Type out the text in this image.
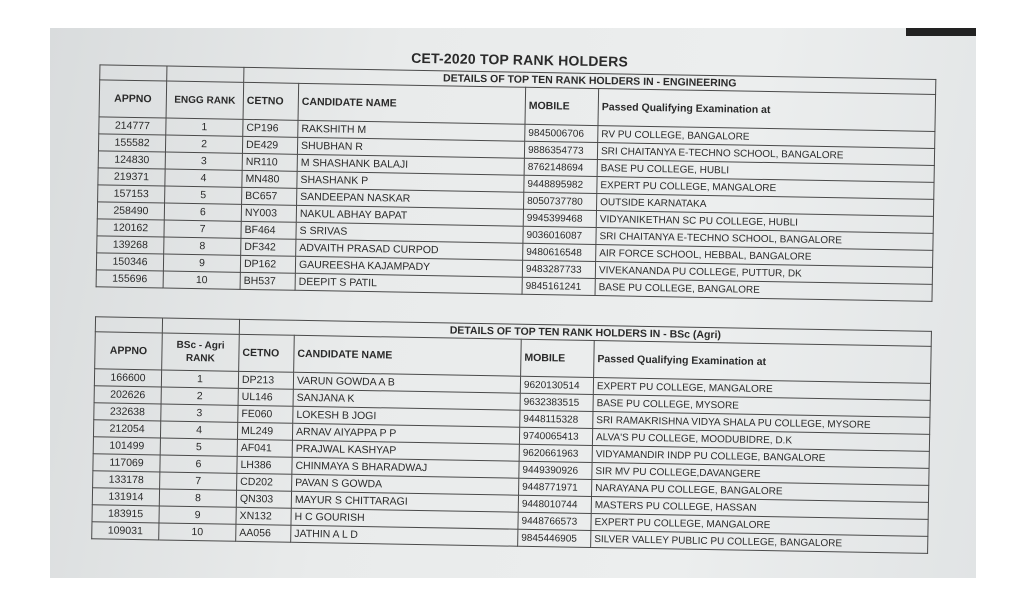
CET-2020 TOP RANK HOLDERS
		DETAILS OF TOP TEN RANK HOLDERS IN - ENGINEERING			
APPNO	ENGG RANK	CETNO	CANDIDATE NAME	MOBILE	Passed Qualifying Examination at
214777	1	CP196	RAKSHITH M	9845006706	RV PU COLLEGE, BANGALORE
155582	2	DE429	SHUBHAN R	9886354773	SRI CHAITANYA E-TECHNO SCHOOL, BANGALORE
124830	3	NR110	M SHASHANK BALAJI	8762148694	BASE PU COLLEGE, HUBLI
219371	4	MN480	SHASHANK P	9448895982	EXPERT PU COLLEGE, MANGALORE
157153	5	BC657	SANDEEPAN NASKAR	8050737780	OUTSIDE KARNATAKA
258490	6	NY003	NAKUL ABHAY BAPAT	9945399468	VIDYANIKETHAN SC PU COLLEGE, HUBLI
120162	7	BF464	S SRIVAS	9036016087	SRI CHAITANYA E-TECHNO SCHOOL, BANGALORE
139268	8	DF342	ADVAITH PRASAD CURPOD	9480616548	AIR FORCE SCHOOL, HEBBAL, BANGALORE
150346	9	DP162	GAUREESHA KAJAMPADY	9483287733	VIVEKANANDA PU COLLEGE, PUTTUR, DK
155696	10	BH537	DEEPIT S PATIL	9845161241	BASE PU COLLEGE, BANGALORE
		DETAILS OF TOP TEN RANK HOLDERS IN - BSc (Agri)			
APPNO	BSc - Agri RANK	CETNO	CANDIDATE NAME	MOBILE	Passed Qualifying Examination at
166600	1	DP213	VARUN GOWDA A B	9620130514	EXPERT PU COLLEGE, MANGALORE
202626	2	UL146	SANJANA K	9632383515	BASE PU COLLEGE, MYSORE
232638	3	FE060	LOKESH B JOGI	9448115328	SRI RAMAKRISHNA VIDYA SHALA PU COLLEGE, MYSORE
212054	4	ML249	ARNAV AIYAPPA P P	9740065413	ALVA'S PU COLLEGE, MOODUBIDRE, D.K
101499	5	AF041	PRAJWAL KASHYAP	9620661963	VIDYAMANDIR INDP PU COLLEGE, BANGALORE
117069	6	LH386	CHINMAYA S BHARADWAJ	9449390926	SIR MV PU COLLEGE,DAVANGERE
133178	7	CD202	PAVAN S GOWDA	9448771971	NARAYANA PU COLLEGE, BANGALORE
131914	8	QN303	MAYUR S CHITTARAGI	9448010744	MASTERS PU COLLEGE, HASSAN
183915	9	XN132	H C GOURISH	9448766573	EXPERT PU COLLEGE, MANGALORE
109031	10	AA056	JATHIN A L D	9845446905	SILVER VALLEY PUBLIC PU COLLEGE, BANGALORE
